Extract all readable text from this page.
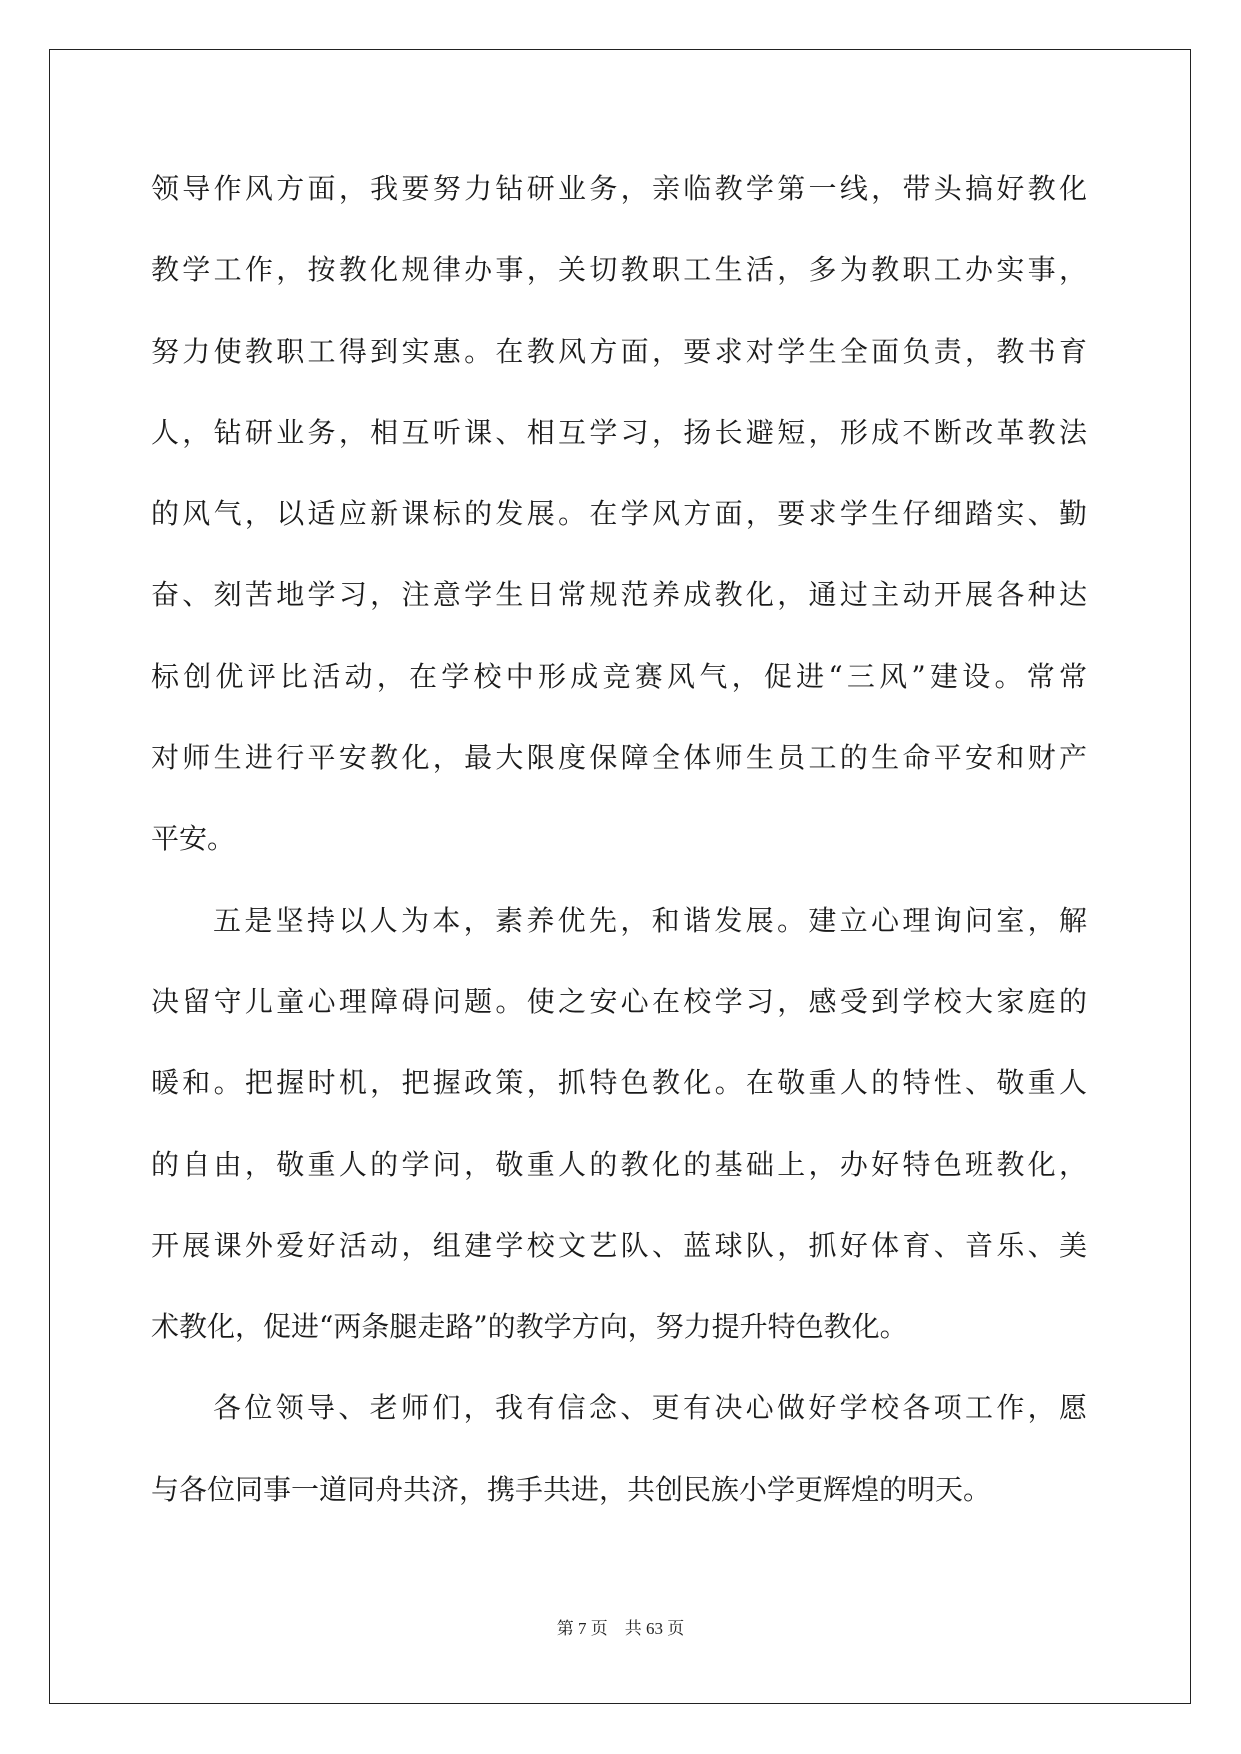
领导作风方面，我要努力钻研业务，亲临教学第一线，带头搞好教化
教学工作，按教化规律办事，关切教职工生活，多为教职工办实事，
努力使教职工得到实惠。在教风方面，要求对学生全面负责，教书育
人，钻研业务，相互听课、相互学习，扬长避短，形成不断改革教法
的风气，以适应新课标的发展。在学风方面，要求学生仔细踏实、勤
奋、刻苦地学习，注意学生日常规范养成教化，通过主动开展各种达
标创优评比活动，在学校中形成竞赛风气，促进“三风”建设。常常
对师生进行平安教化，最大限度保障全体师生员工的生命平安和财产
平安。
五是坚持以人为本，素养优先，和谐发展。建立心理询问室，解
决留守儿童心理障碍问题。使之安心在校学习，感受到学校大家庭的
暖和。把握时机，把握政策，抓特色教化。在敬重人的特性、敬重人
的自由，敬重人的学问，敬重人的教化的基础上，办好特色班教化，
开展课外爱好活动，组建学校文艺队、蓝球队，抓好体育、音乐、美
术教化，促进“两条腿走路”的教学方向，努力提升特色教化。
各位领导、老师们，我有信念、更有决心做好学校各项工作，愿
与各位同事一道同舟共济，携手共进，共创民族小学更辉煌的明天。
第 7 页　共 63 页
